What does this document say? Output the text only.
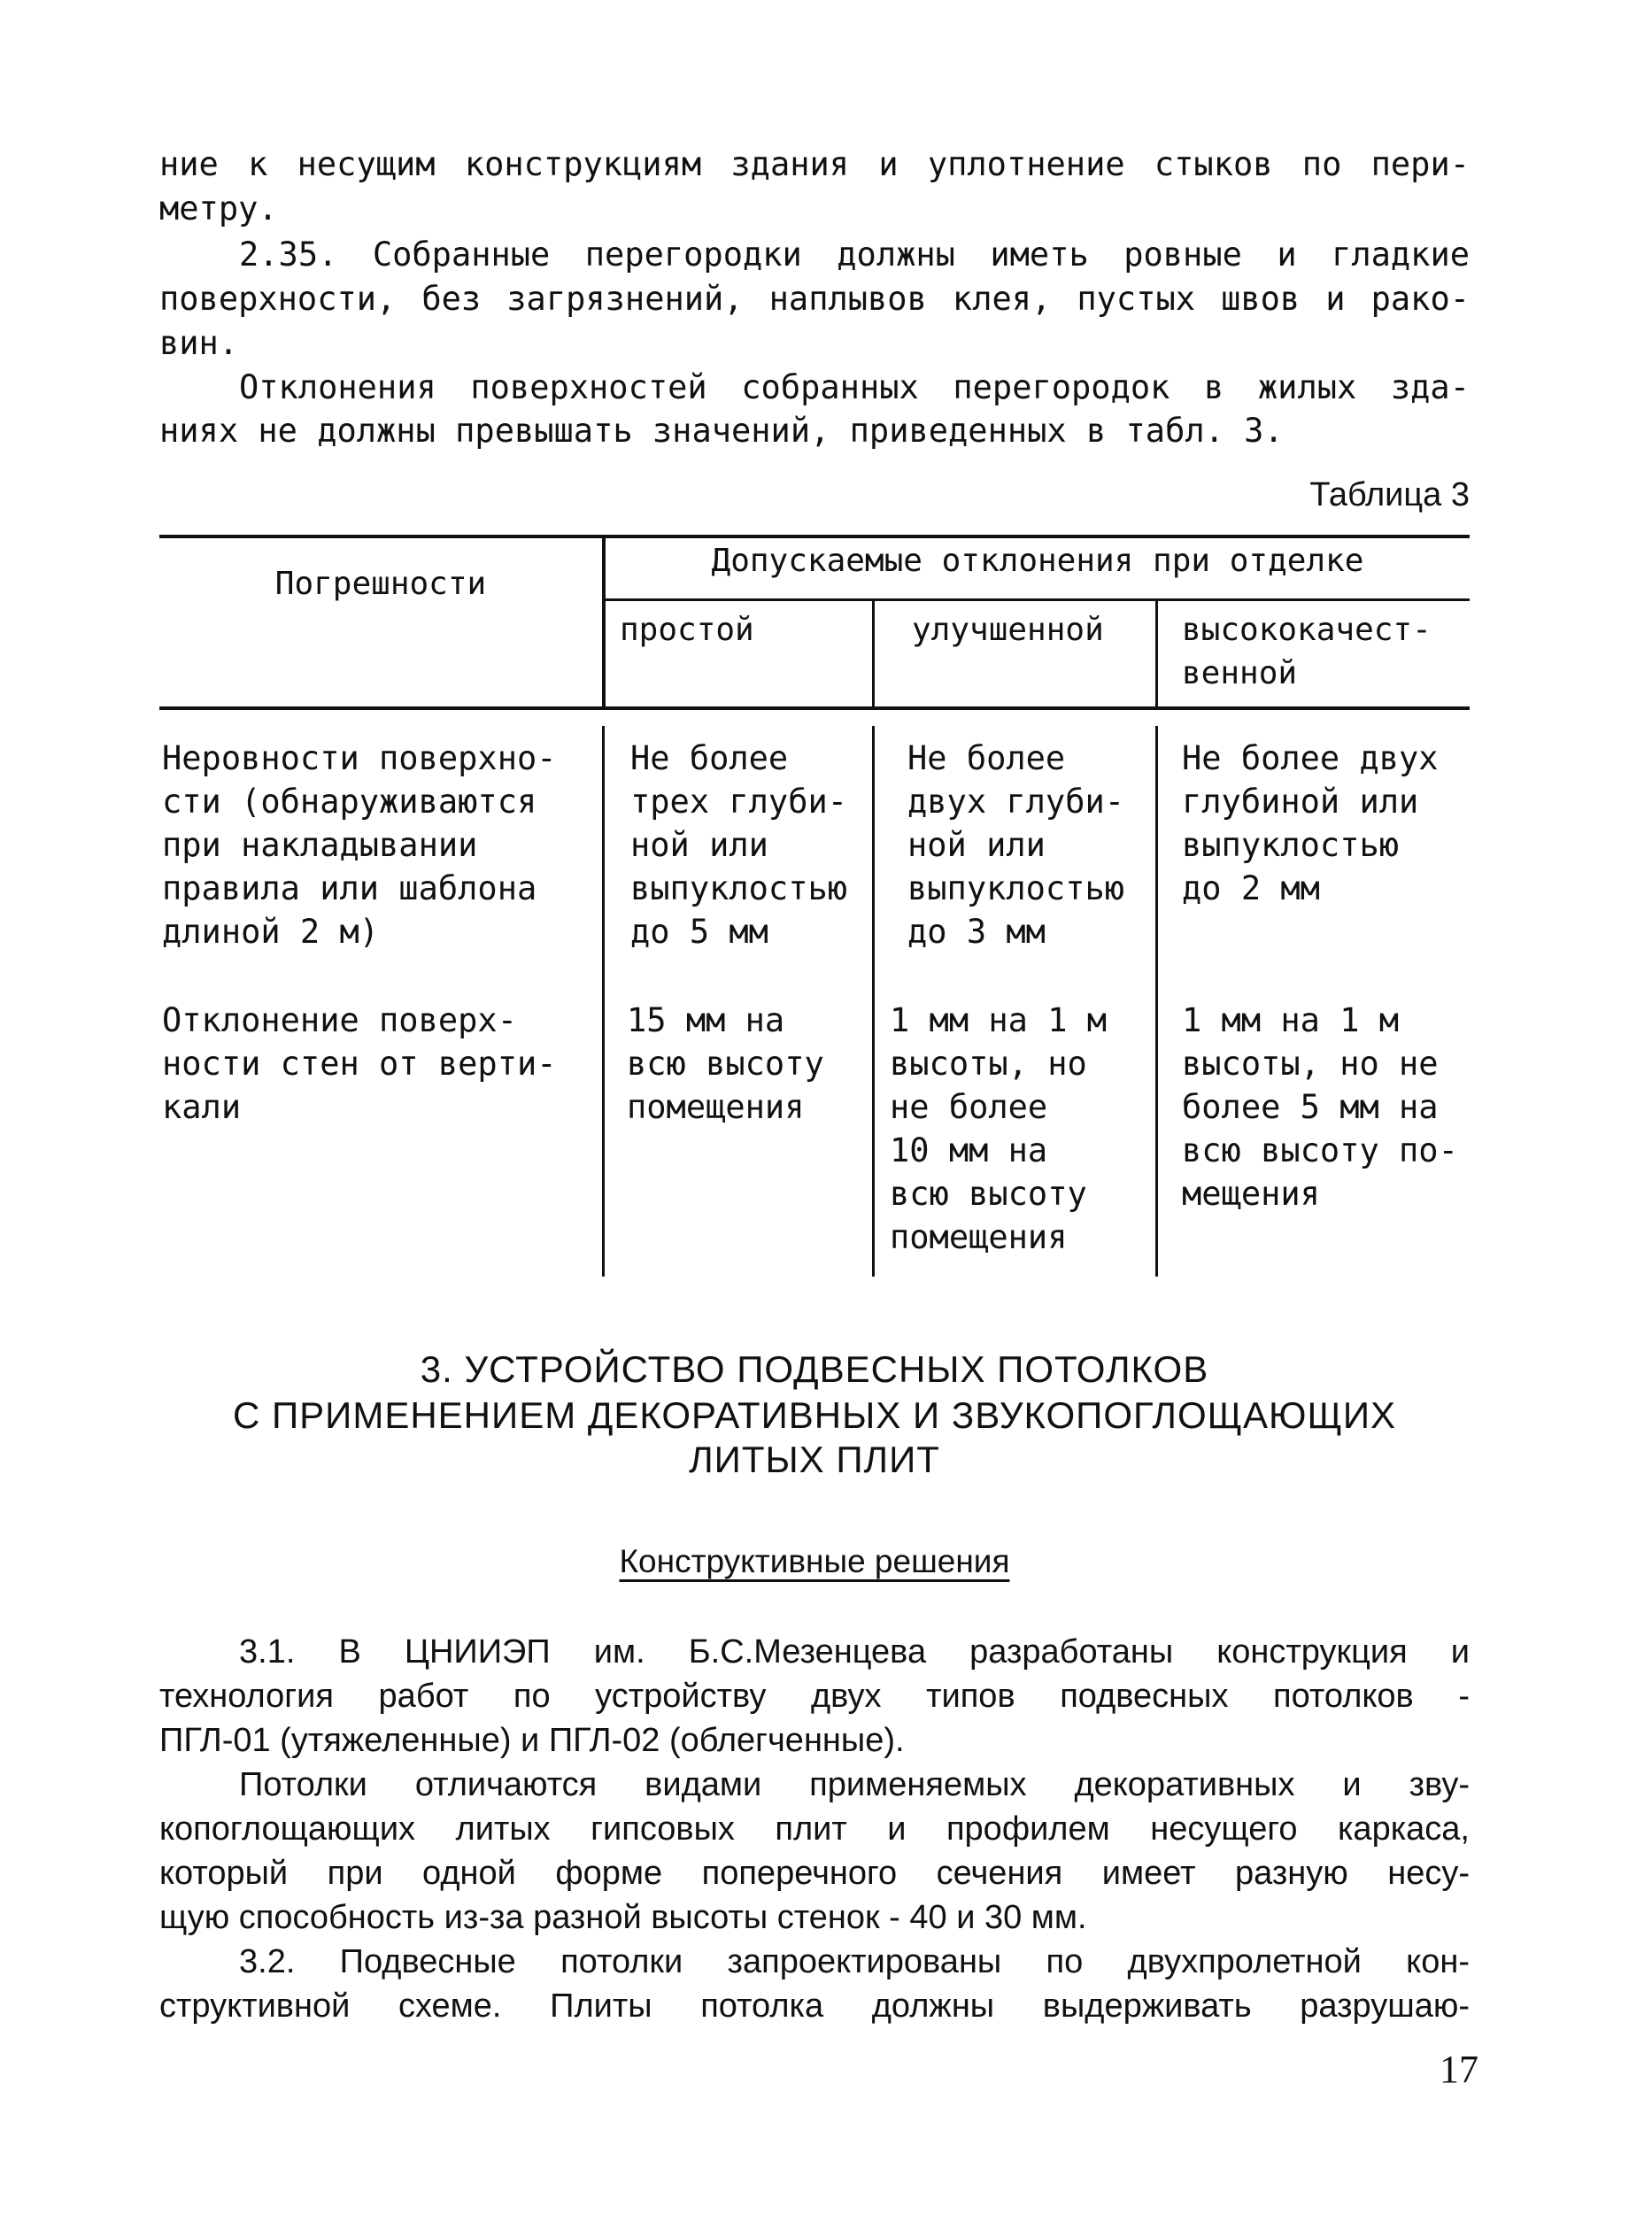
ние к несущим конструкциям здания и уплотнение стыков по пери-
метру.
2.35. Собранные перегородки должны иметь ровные и гладкие
поверхности, без загрязнений, наплывов клея, пустых швов и рако-
вин.
Отклонения поверхностей собранных перегородок в жилых зда-
ниях не должны превышать значений, приведенных в табл. 3.
Таблица 3
Погрешности
Допускаемые отклонения при отделке
простой	улучшенной высококачест-
венной
Неровности поверхно-
сти (обнаруживаются
при накладывании
правила или шаблона
длиной 2 м)
Не более
трех глуби-
ной или
выпуклостью
до 5 мм
Не более
двух глуби-
ной или
выпуклостью
до 3 мм
Не более двух
глубиной или
выпуклостью
до 2 мм
Отклонение поверх-
ности стен от верти-
кали
15 мм на
всю высоту
помещения
1 мм на 1 м
высоты, но
не более
10 мм на
всю высоту
помещения
1 мм на 1 м
высоты, но не
более 5 мм на
всю высоту по-
мещения
3. УСТРОЙСТВО ПОДВЕСНЫХ ПОТОЛКОВ
С ПРИМЕНЕНИЕМ ДЕКОРАТИВНЫХ И ЗВУКОПОГЛОЩАЮЩИХ
ЛИТЫХ ПЛИТ
Конструктивные решения
3.1. В ЦНИИЭП им. Б.С.Мезенцева разработаны конструкция и
технология работ по устройству двух типов подвесных потолков -
ПГЛ-01 (утяжеленные) и ПГЛ-02 (облегченные).
Потолки отличаются видами применяемых декоративных и зву-
копоглощающих литых гипсовых плит и профилем несущего каркаса,
который при одной форме поперечного сечения имеет разную несу-
щую способность из-за разной высоты стенок - 40 и 30 мм.
3.2. Подвесные потолки запроектированы по двухпролетной кон-
структивной схеме. Плиты потолка должны выдерживать разрушаю-
17
